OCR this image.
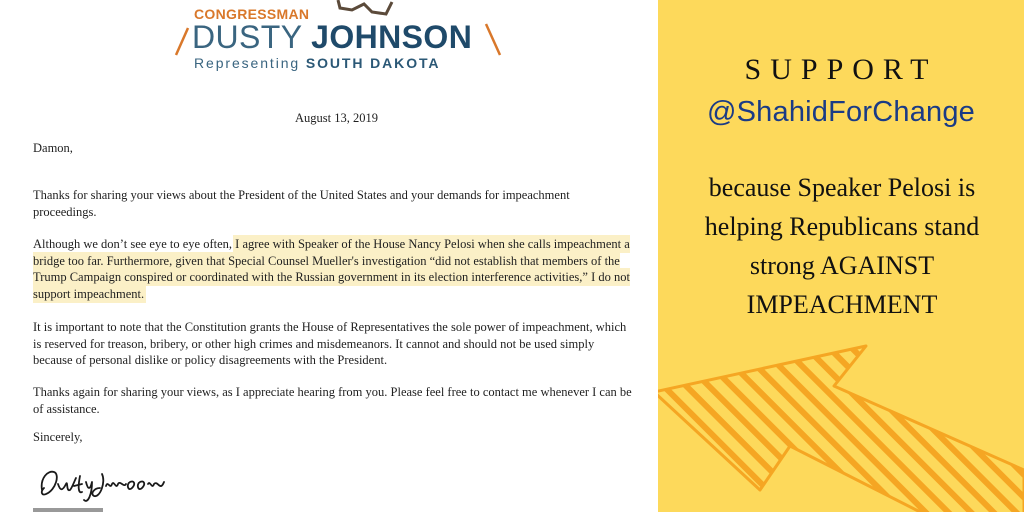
CONGRESSMAN
DUSTY JOHNSON
Representing SOUTH DAKOTA
August 13, 2019
Damon,
Thanks for sharing your views about the President of the United States and your demands for impeachment proceedings.
Although we don’t see eye to eye often, I agree with Speaker of the House Nancy Pelosi when she calls impeachment a bridge too far. Furthermore, given that Special Counsel Mueller's investigation “did not establish that members of the Trump Campaign conspired or coordinated with the Russian government in its election interference activities,” I do not support impeachment.
It is important to note that the Constitution grants the House of Representatives the sole power of impeachment, which is reserved for treason, bribery, or other high crimes and misdemeanors. It cannot and should not be used simply because of personal dislike or policy disagreements with the President.
Thanks again for sharing your views, as I appreciate hearing from you. Please feel free to contact me whenever I can be of assistance.
Sincerely,
SUPPORT
@ShahidForChange
because Speaker Pelosi is helping Republicans stand strong AGAINST IMPEACHMENT
